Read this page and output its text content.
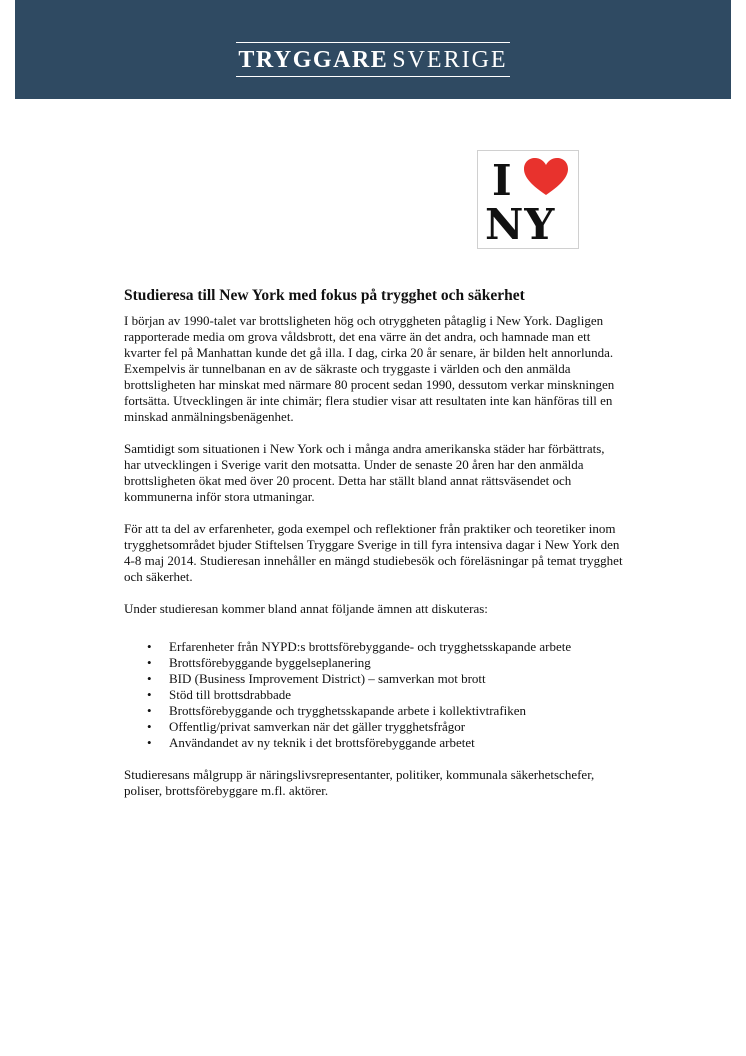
TRYGGARE SVERIGE
I
NY
Studieresa till New York med fokus på trygghet och säkerhet

I början av 1990-talet var brottsligheten hög och otryggheten påtaglig i New York. Dagligen rapporterade media om grova våldsbrott, det ena värre än det andra, och hamnade man ett kvarter fel på Manhattan kunde det gå illa. I dag, cirka 20 år senare, är bilden helt annorlunda. Exempelvis är tunnelbanan en av de säkraste och tryggaste i världen och den anmälda brottsligheten har minskat med närmare 80 procent sedan 1990, dessutom verkar minskningen fortsätta. Utvecklingen är inte chimär; flera studier visar att resultaten inte kan hänföras till en minskad anmälningsbenägenhet.

Samtidigt som situationen i New York och i många andra amerikanska städer har förbättrats, har utvecklingen i Sverige varit den motsatta. Under de senaste 20 åren har den anmälda brottsligheten ökat med över 20 procent. Detta har ställt bland annat rättsväsendet och kommunerna inför stora utmaningar.

För att ta del av erfarenheter, goda exempel och reflektioner från praktiker och teoretiker inom trygghetsområdet bjuder Stiftelsen Tryggare Sverige in till fyra intensiva dagar i New York den 4-8 maj 2014. Studieresan innehåller en mängd studiebesök och föreläsningar på temat trygghet och säkerhet.

Under studieresan kommer bland annat följande ämnen att diskuteras:

• Erfarenheter från NYPD:s brottsförebyggande- och trygghetsskapande arbete
• Brottsförebyggande byggelseplanering
• BID (Business Improvement District) – samverkan mot brott
• Stöd till brottsdrabbade
• Brottsförebyggande och trygghetsskapande arbete i kollektivtrafiken
• Offentlig/privat samverkan när det gäller trygghetsfrågor
• Användandet av ny teknik i det brottsförebyggande arbetet

Studieresans målgrupp är näringslivsrepresentanter, politiker, kommunala säkerhetschefer, poliser, brottsförebyggare m.fl. aktörer.
